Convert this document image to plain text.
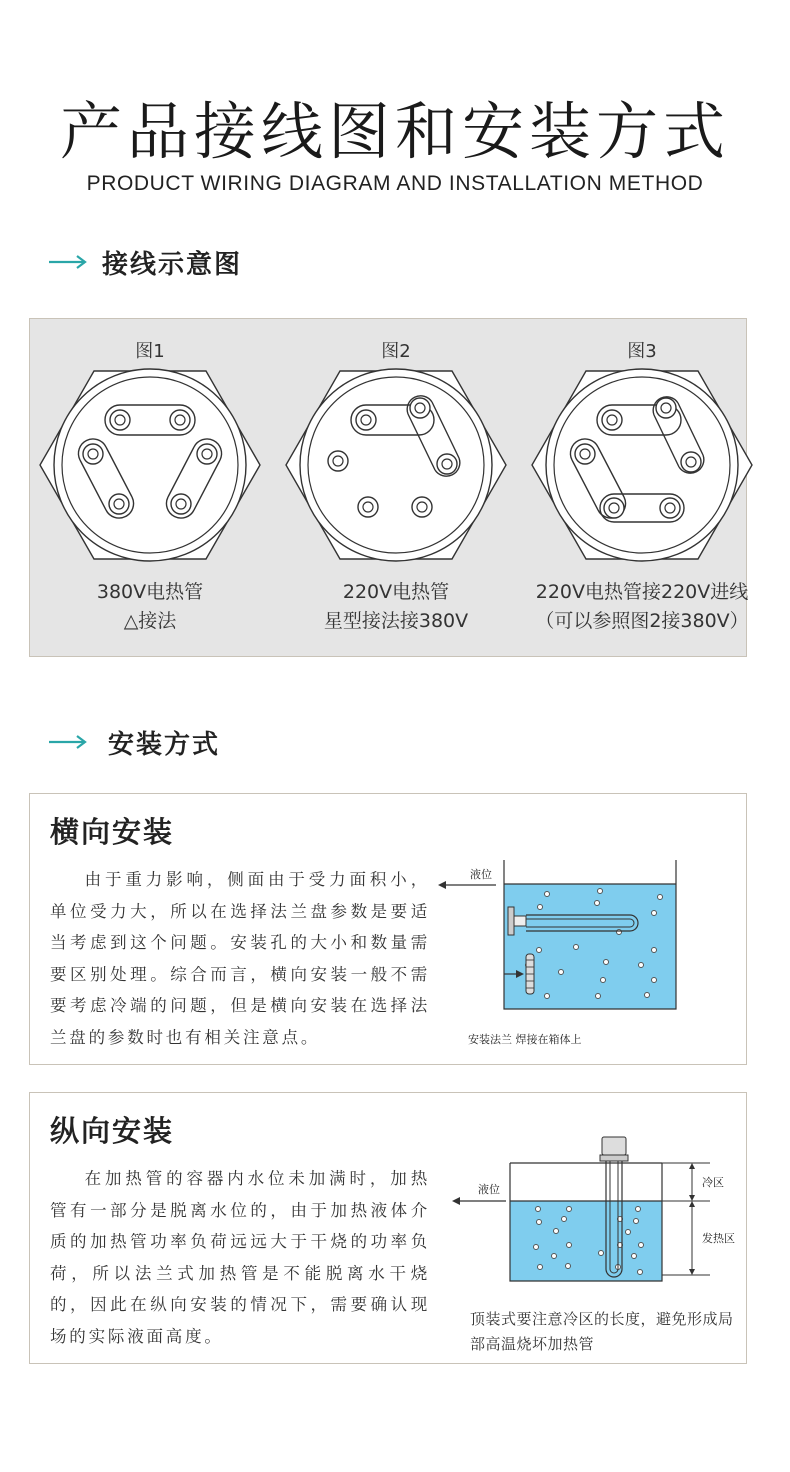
产品接线图和安装方式
PRODUCT WIRING DIAGRAM AND INSTALLATION METHOD
接线示意图
图1
380V电热管
△接法
图2
220V电热管
星型接法接380V
图3
220V电热管接220V进线
（可以参照图2接380V）
安装方式
横向安装
由于重力影响，侧面由于受力面积小，单位受力大，所以在选择法兰盘参数是要适当考虑到这个问题。安装孔的大小和数量需要区别处理。综合而言，横向安装一般不需要考虑冷端的问题，但是横向安装在选择法兰盘的参数时也有相关注意点。
液位
安装法兰 焊接在箱体上
纵向安装
在加热管的容器内水位未加满时，加热管有一部分是脱离水位的，由于加热液体介质的加热管功率负荷远远大于干烧的功率负荷，所以法兰式加热管是不能脱离水干烧的，因此在纵向安装的情况下，需要确认现场的实际液面高度。
液位
冷区
发热区
顶装式要注意冷区的长度，避免形成局部高温烧坏加热管
